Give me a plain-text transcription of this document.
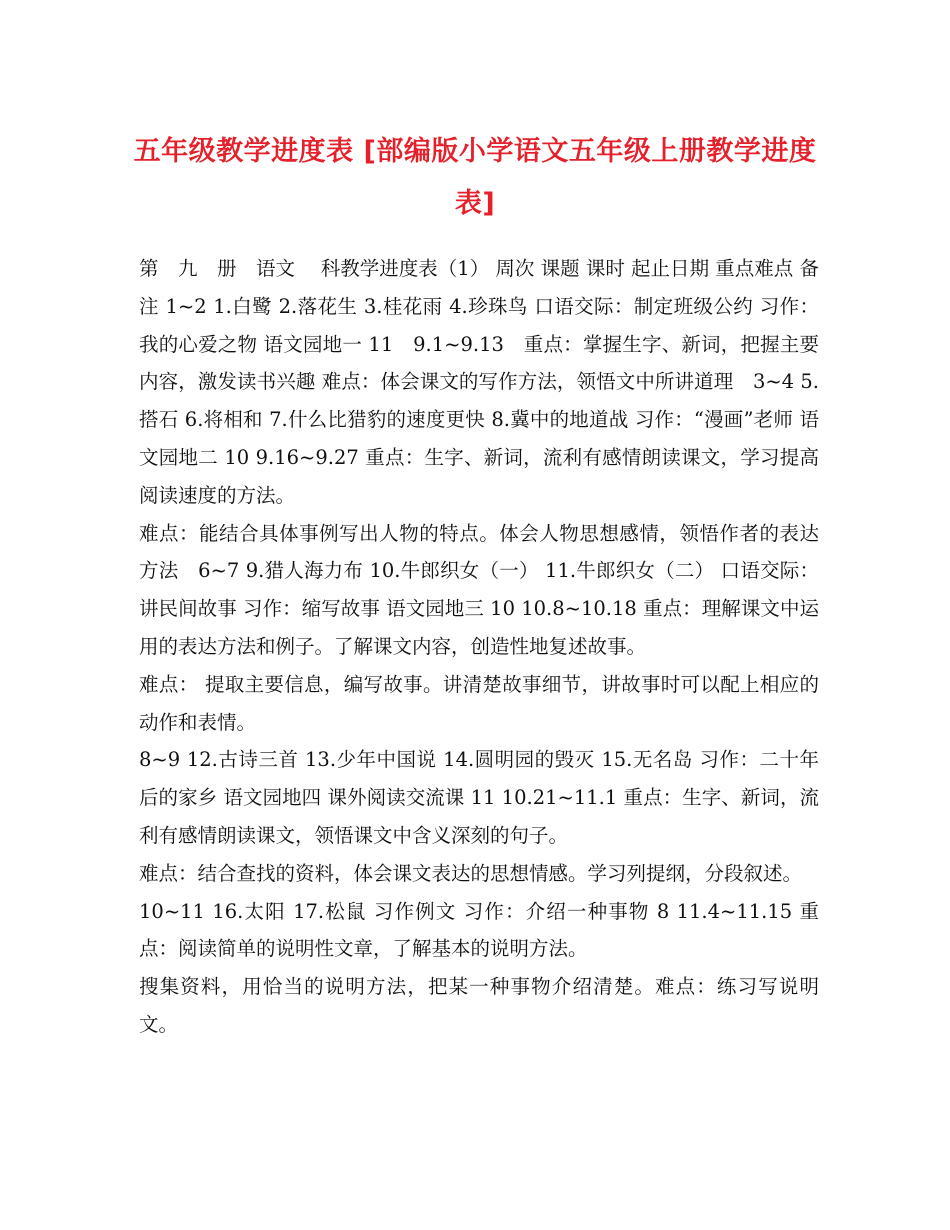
五年级教学进度表 [部编版小学语文五年级上册教学进度表]

第　九　册　语文　 科教学进度表（1） 周次 课题 课时 起止日期 重点难点 备注 1~2 1.白鹭 2.落花生 3.桂花雨 4.珍珠鸟 口语交际：制定班级公约 习作：我的心爱之物 语文园地一 11　9.1~9.13　重点：掌握生字、新词，把握主要内容，激发读书兴趣 难点：体会课文的写作方法，领悟文中所讲道理　3~4 5.搭石 6.将相和 7.什么比猎豹的速度更快 8.冀中的地道战 习作：“漫画”老师 语文园地二 10 9.16~9.27 重点：生字、新词，流利有感情朗读课文，学习提高阅读速度的方法。

难点：能结合具体事例写出人物的特点。体会人物思想感情，领悟作者的表达方法　6~7 9.猎人海力布 10.牛郎织女（一） 11.牛郎织女（二） 口语交际：讲民间故事 习作：缩写故事 语文园地三 10 10.8~10.18 重点：理解课文中运用的表达方法和例子。了解课文内容，创造性地复述故事。

难点： 提取主要信息，编写故事。讲清楚故事细节，讲故事时可以配上相应的动作和表情。

8~9 12.古诗三首 13.少年中国说 14.圆明园的毁灭 15.无名岛 习作：二十年后的家乡 语文园地四 课外阅读交流课 11 10.21~11.1 重点：生字、新词，流利有感情朗读课文，领悟课文中含义深刻的句子。

难点：结合查找的资料，体会课文表达的思想情感。学习列提纲，分段叙述。

10~11 16.太阳 17.松鼠 习作例文 习作：介绍一种事物 8 11.4~11.15 重点：阅读简单的说明性文章，了解基本的说明方法。

搜集资料，用恰当的说明方法，把某一种事物介绍清楚。难点：练习写说明文。
